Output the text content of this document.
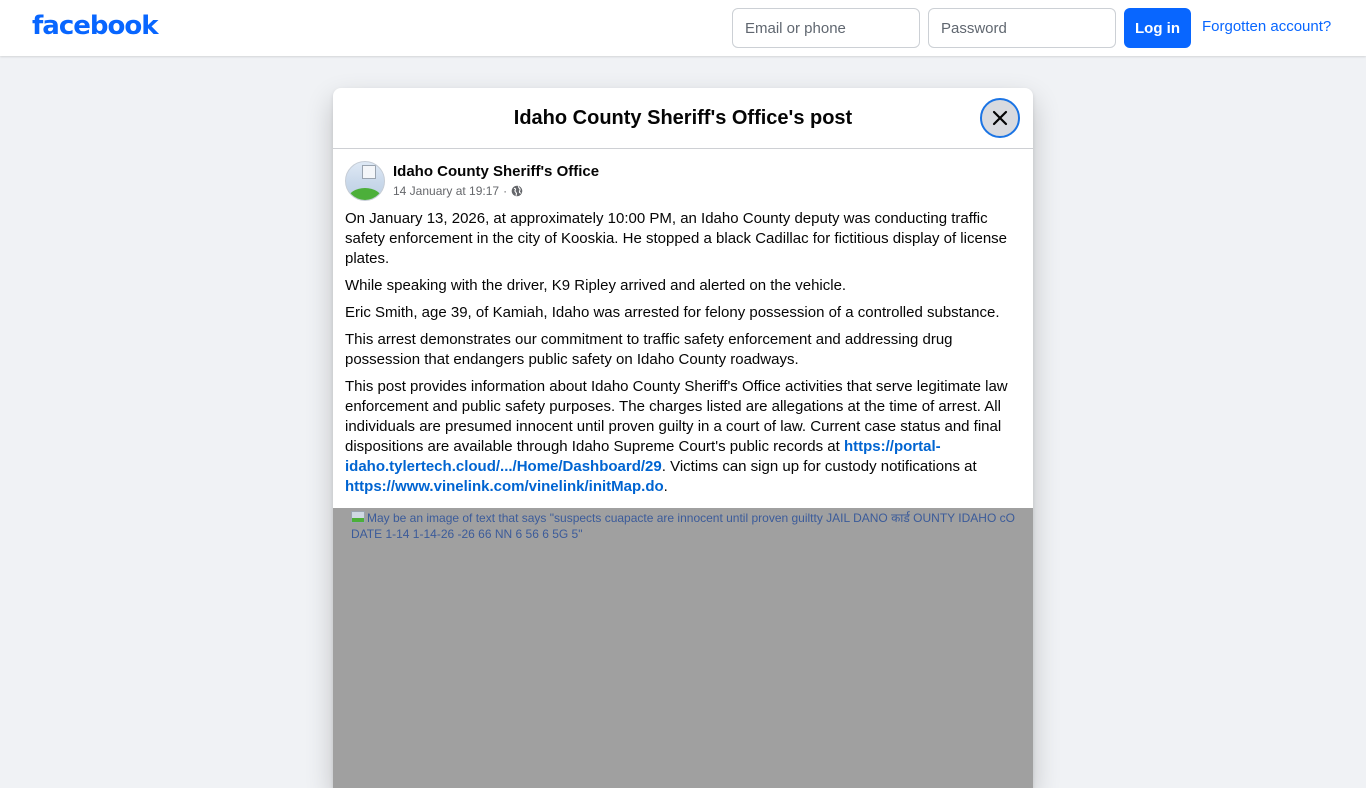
facebook
Email or phone	Log in	Forgotten account?
Idaho County Sheriff's Office's post
Idaho County Sheriff's Office
14 January at 19:17 ·

On January 13, 2026, at approximately 10:00 PM, an Idaho County deputy was conducting traffic safety enforcement in the city of Kooskia. He stopped a black Cadillac for fictitious display of license plates.

While speaking with the driver, K9 Ripley arrived and alerted on the vehicle.

Eric Smith, age 39, of Kamiah, Idaho was arrested for felony possession of a controlled substance.

This arrest demonstrates our commitment to traffic safety enforcement and addressing drug possession that endangers public safety on Idaho County roadways.

This post provides information about Idaho County Sheriff's Office activities that serve legitimate law enforcement and public safety purposes. The charges listed are allegations at the time of arrest. All individuals are presumed innocent until proven guilty in a court of law. Current case status and final dispositions are available through Idaho Supreme Court's public records at https://portal-idaho.tylertech.cloud/.../Home/Dashboard/29. Victims can sign up for custody notifications at https://www.vinelink.com/vinelink/initMap.do.

May be an image of text that says "suspects cuapacte are innocent until proven guiltty JAIL DANO कार्ड OUNTY IDAHO cO DATE 1-14 1-14-26 -26 66 NN 6 56 6 5G 5"
